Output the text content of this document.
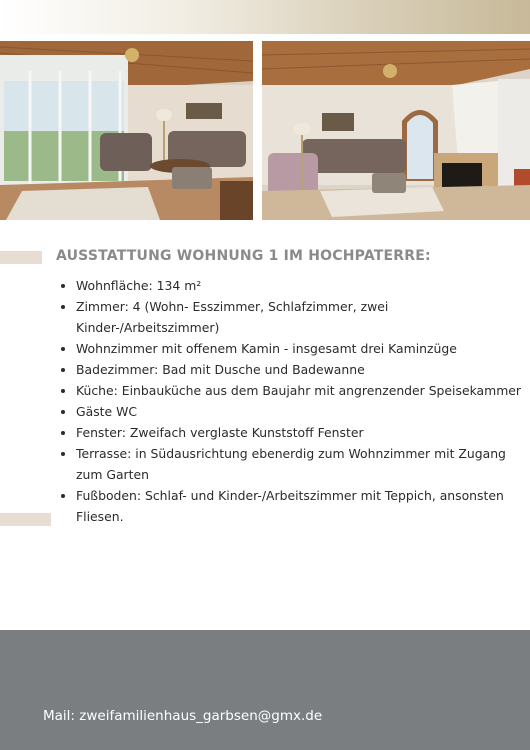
AUSSTATTUNG WOHNUNG 1 IM HOCHPATERRE:
• Wohnfläche: 134 m²
• Zimmer: 4 (Wohn- Esszimmer, Schlafzimmer, zwei Kinder-/Arbeitszimmer)
• Wohnzimmer mit offenem Kamin - insgesamt drei Kaminzüge
• Badezimmer: Bad mit Dusche und Badewanne
• Küche: Einbauküche aus dem Baujahr mit angrenzender Speisekammer
• Gäste WC
• Fenster: Zweifach verglaste Kunststoff Fenster
• Terrasse: in Südausrichtung ebenerdig zum Wohnzimmer mit Zugang zum Garten
• Fußboden: Schlaf- und Kinder-/Arbeitszimmer mit Teppich, ansonsten Fliesen.
Mail: zweifamilienhaus_garbsen@gmx.de
